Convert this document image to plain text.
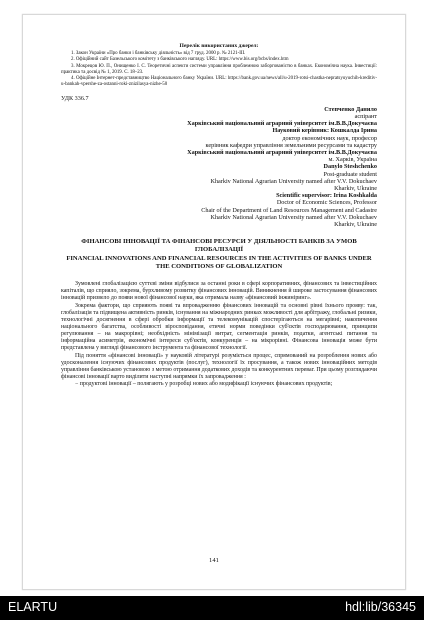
Перелік використаних джерел:

1. Закон України «Про банки і банківську діяльність» від 7 груд. 2000 р. № 2121-III.

2. Офіційний сайт Базельського комітету з банківського нагляду. URL: https://www.bis.org/bcbs/index.htm

3. Мокрецов Ю. П., Онищенко І. С. Теоретичні аспекти системи управління проблемною заборгованістю в банках. Економічна наука. Інвестиції: практика та досвід № 1, 2019. С. 18–23.

4. Офіційне Інтернет-представництво Національного банку України. URL: https://bank.gov.ua/news/all/u-2019-rotsi-chastka-nepratsyuyuchih-kreditiv-u-bankah-vpershe-za-ostanni-roki-znizilasya-nizhe-50

УДК 336.7
Степченко Данило
аспірант
Харківський національний аграрний університет ім.В.В.Докучаєва
Науковий керівник: Кошкалда Ірина
доктор економічних наук, професор
керівник кафедри управління земельними ресурсами та кадастру
Харківський національний аграрний університет ім.В.В.Докучаєва
м. Харків, Україна
Danylo Steshchenko
Post-graduate student
Kharkiv National Agrarian University named after V.V. Dokuchaev
Kharkiv, Ukraine
Scientific supervisor: Irina Koshkalda
Doctor of Economic Sciences, Professor
Chair of the Department of Land Resources Management and Cadastre
Kharkiv National Agrarian University named after V.V. Dokuchaev
Kharkiv, Ukraine
ФІНАНСОВІ ІННОВАЦІЇ ТА ФІНАНСОВІ РЕСУРСИ У ДІЯЛЬНОСТІ БАНКІВ ЗА УМОВ ГЛОБАЛІЗАЦІЇ
FINANCIAL INNOVATIONS AND FINANCIAL RESOURCES IN THE ACTIVITIES OF BANKS UNDER THE CONDITIONS OF GLOBALIZATION

Зумовлені глобалізацією суттєві зміни відбулися за останні роки в сфері корпоративних, фінансових та інвестиційних капіталів, що сприяло, зокрема, бурхливому розвитку фінансових інновацій. Виникнення й широке застосування фінансових інновацій призвело до появи нової фінансової науки, яка отримала назву «фінансовий інжиніринг».

Зокрема фактори, що сприяють появі та впровадженню фінансових інновацій та основні рівні їхнього прояву: так, глобалізація та підвищена активність ринків, існування на міжнародних ринках можливості для арбітражу, глобальні ризики, технологічні досягнення в сфері обробки інформації та телекомунікацій спостерігаються на мегарівні; накопичення національного багатства, особливості віросповідання, етичні норми поведінки суб'єктів господарювання, принципи регулювання – на макрорівні; необхідність мінімізації витрат, сегментація ринків, податки, агентські питання та інформаційна асиметрія, економічні інтереси суб'єктів, конкуренція – на мікрорівні. Фінансова інновація може бути представлена у вигляді фінансового інструмента та фінансової технології.

Під поняття «фінансові інновації» у науковій літературі розуміється процес, спрямований на розроблення нових або удосконалення існуючих фінансових продуктів (послуг), технології їх просування, а також нових інноваційних методів управління банківською установою з метою отримання додаткових доходів та конкурентних переваг. При цьому розглядаючи фінансові інновації варто виділити наступні напрямки їх запровадження :

− продуктові інновації – полягають у розробці нових або модифікації існуючих фінансових продуктів;

141
ELARTU	hdl:lib/36345
